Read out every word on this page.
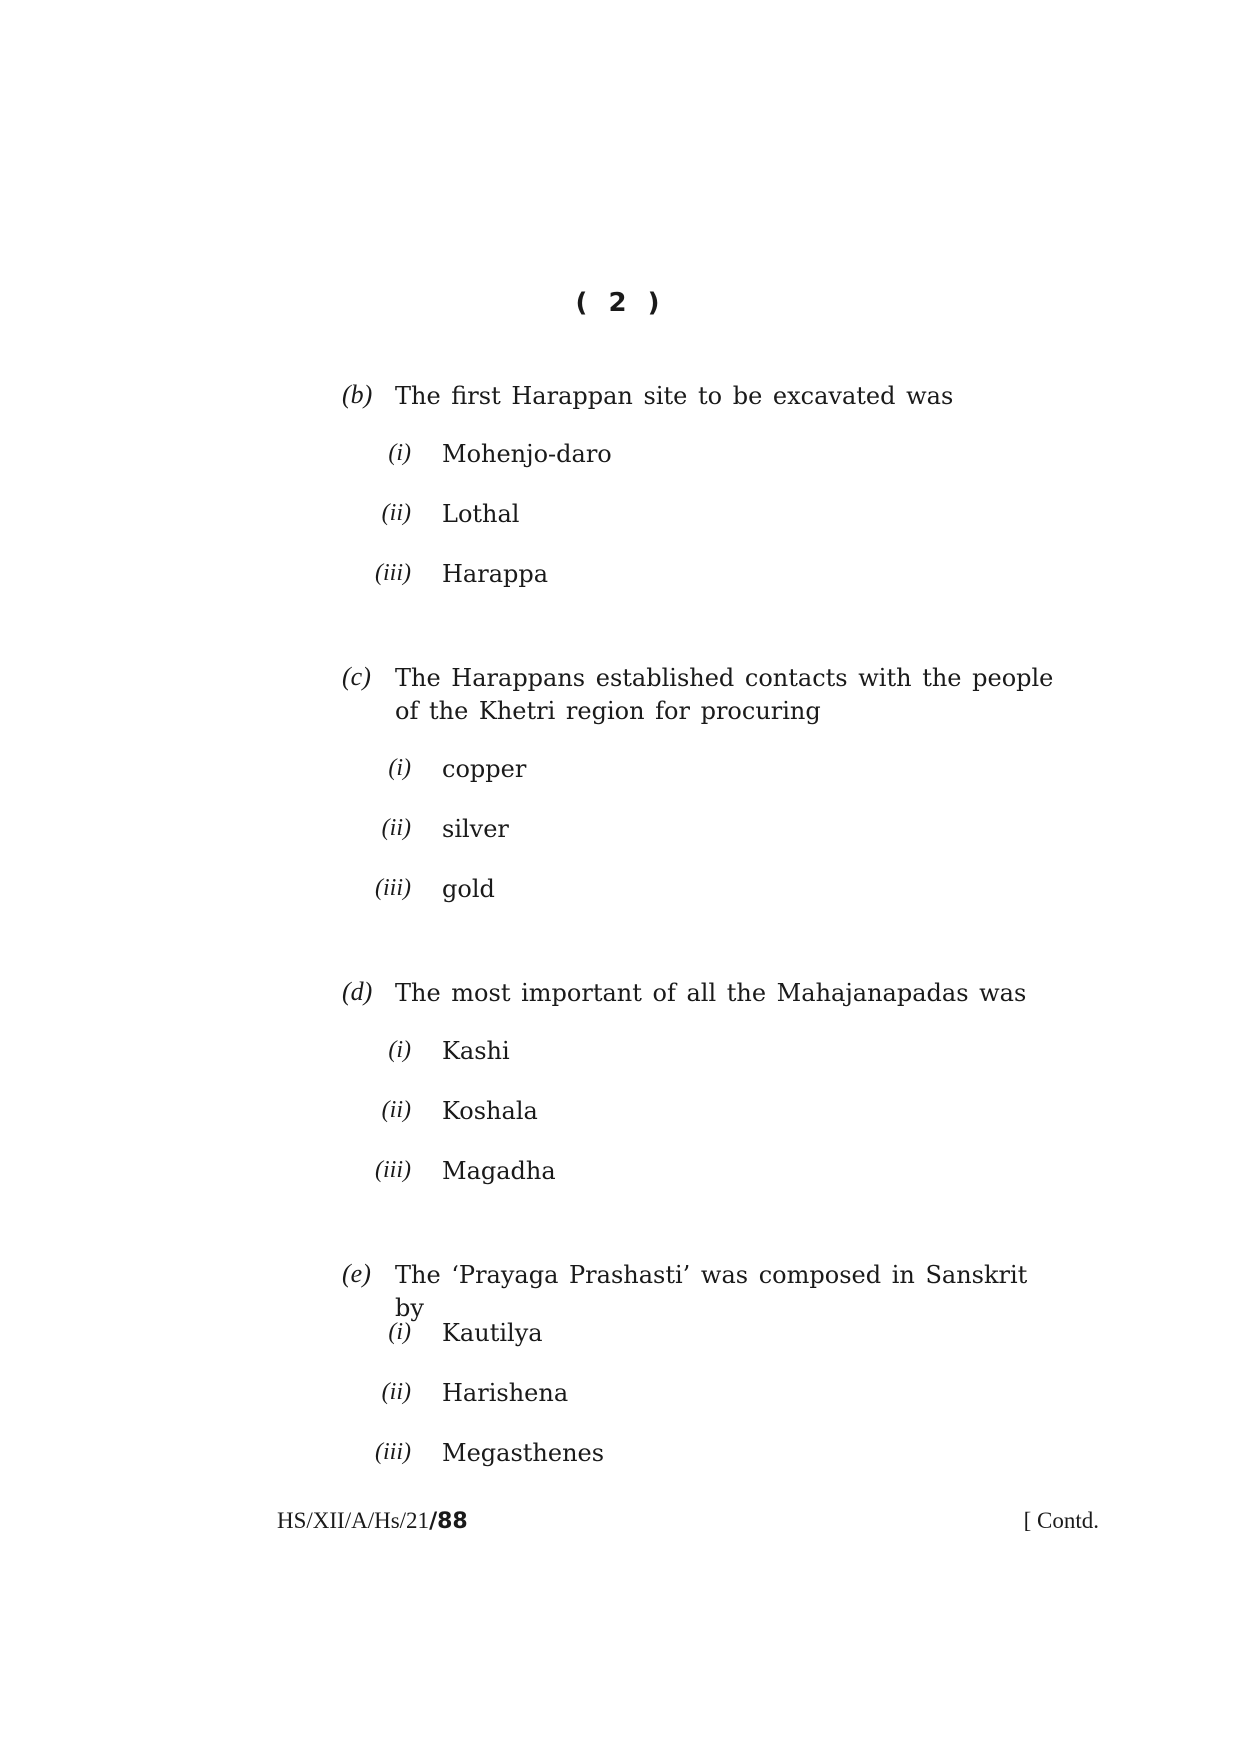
( 2 )
(b) The first Harappan site to be excavated was
(i) Mohenjo-daro
(ii) Lothal
(iii) Harappa
(c)	The Harappans established contacts with the people of the Khetri region for procuring
(i) copper
(ii) silver
(iii) gold
(d) The most important of all the Mahajanapadas was
(i) Kashi
(ii) Koshala
(iii) Magadha
(e)	The ‘Prayaga Prashasti’ was composed in Sanskrit by
(i) Kautilya
(ii) Harishena
(iii) Megasthenes
HS/XII/A/Hs/21/88	[ Contd.
